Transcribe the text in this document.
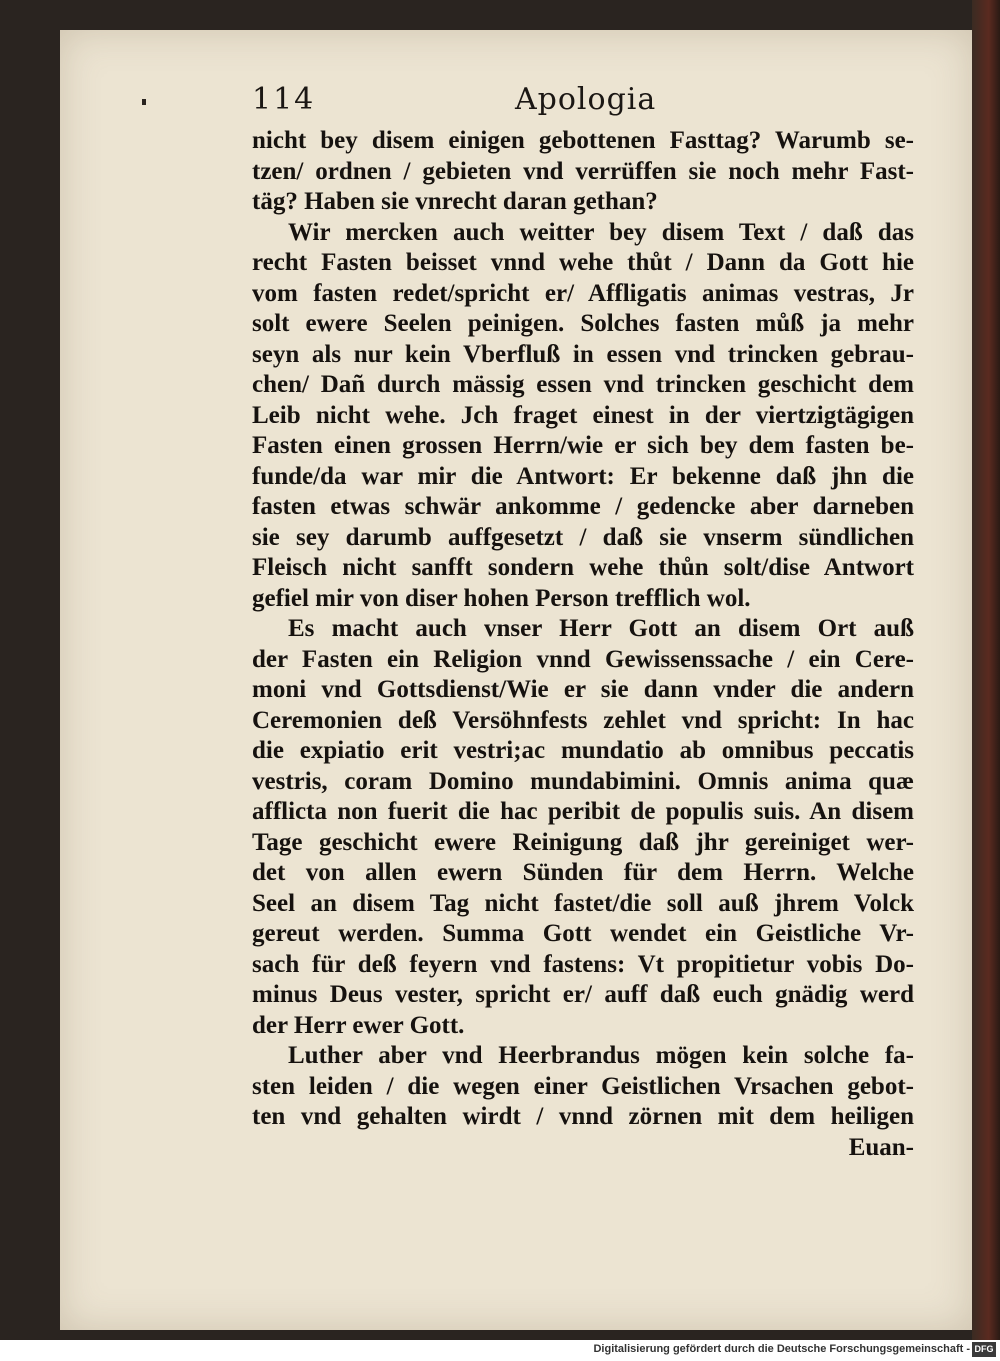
114	Apologia
nicht bey disem einigen gebottenen Fasttag? Warumb se-
tzen/ ordnen / gebieten vnd verrüffen sie noch mehr Fast-
täg? Haben sie vnrecht daran gethan?
Wir mercken auch weitter bey disem Text / daß das
recht Fasten beisset vnnd wehe thůt / Dann da Gott hie
vom fasten redet/spricht er/ Affligatis animas vestras, Jr
solt ewere Seelen peinigen. Solches fasten můß ja mehr
seyn als nur kein Vberfluß in essen vnd trincken gebrau-
chen/ Dañ durch mässig essen vnd trincken geschicht dem
Leib nicht wehe. Jch fraget einest in der viertzigtägigen
Fasten einen grossen Herrn/wie er sich bey dem fasten be-
funde/da war mir die Antwort: Er bekenne daß jhn die
fasten etwas schwär ankomme / gedencke aber darneben
sie sey darumb auffgesetzt / daß sie vnserm sündlichen
Fleisch nicht sanfft sondern wehe thůn solt/dise Antwort
gefiel mir von diser hohen Person trefflich wol.
Es macht auch vnser Herr Gott an disem Ort auß
der Fasten ein Religion vnnd Gewissenssache / ein Cere-
moni vnd Gottsdienst/Wie er sie dann vnder die andern
Ceremonien deß Versöhnfests zehlet vnd spricht: In hac
die expiatio erit vestri;ac mundatio ab omnibus peccatis
vestris, coram Domino mundabimini. Omnis anima quæ
afflicta non fuerit die hac peribit de populis suis. An disem
Tage geschicht ewere Reinigung daß jhr gereiniget wer-
det von allen ewern Sünden für dem Herrn. Welche
Seel an disem Tag nicht fastet/die soll auß jhrem Volck
gereut werden. Summa Gott wendet ein Geistliche Vr-
sach für deß feyern vnd fastens: Vt propitietur vobis Do-
minus Deus vester, spricht er/ auff daß euch gnädig werd
der Herr ewer Gott.
Luther aber vnd Heerbrandus mögen kein solche fa-
sten leiden / die wegen einer Geistlichen Vrsachen gebot-
ten vnd gehalten wirdt / vnnd zörnen mit dem heiligen
Euan-
Digitalisierung gefördert durch die Deutsche Forschungsgemeinschaft - DFG
